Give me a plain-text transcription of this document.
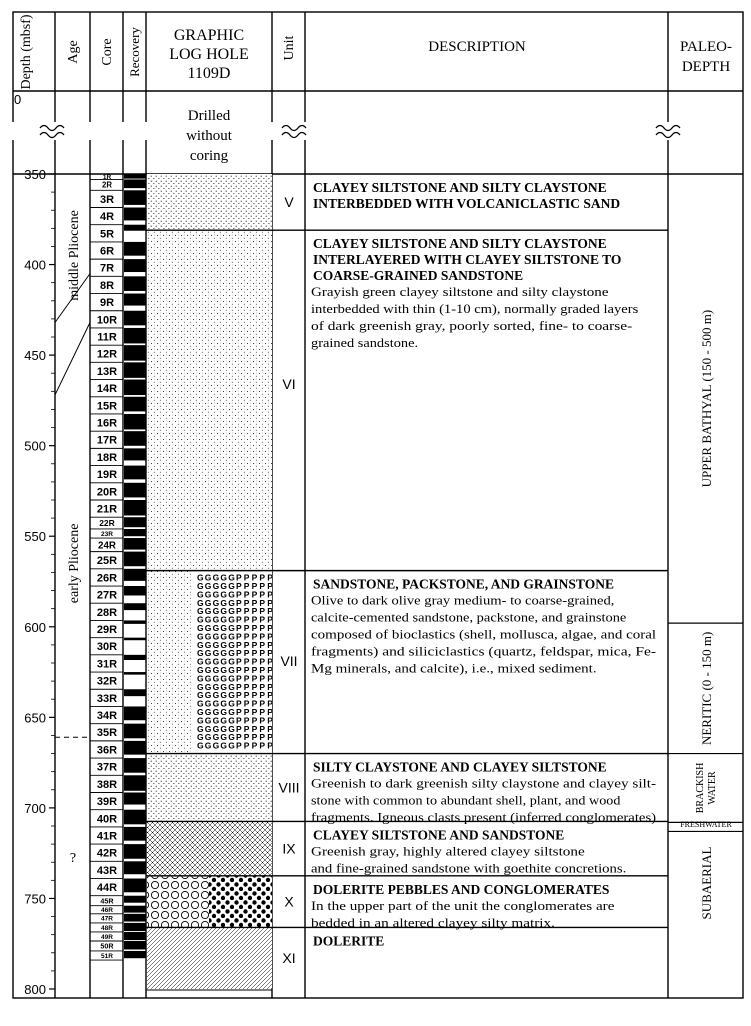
Depth (mbsf) Age Core Recovery GRAPHIC
LOG HOLE
1109D
Unit	DESCRIPTION	PALEO-
DEPTH
0
Drilled
without
coring
350
400
450
500
550
600
650
700
750
800
middle Pliocene
early Pliocene
?
1R
2R
3R
4R
5R
6R
7R
8R
9R
10R
11R
12R
13R
14R
15R
16R
17R
18R
19R
20R
21R
22R
23R
24R
25R
26R
27R
28R
29R
30R
31R
32R
33R
34R
35R
36R
37R
38R
39R
40R
41R
42R
43R
44R
45R
46R
47R
48R
49R
50R
51R
G G G G G P P P P P
G G G G G P P P P P
G G G G G P P P P P
G G G G G P P P P P
G G G G G P P P P P
G G G G G P P P P P
G G G G G P P P P P
G G G G G P P P P P
G G G G G P P P P P
G G G G G P P P P P
G G G G G P P P P P
G G G G G P P P P P
G G G G G P P P P P
G G G G G P P P P P
G G G G G P P P P P
G G G G G P P P P P
G G G G G P P P P P
G G G G G P P P P P
G G G G G P P P P P
G G G G G P P P P P
G G G G G P P P P P
V
VI
VII
VIII
IX
X
XI
CLAYEY SILTSTONE AND SILTY CLAYSTONE
INTERBEDDED WITH VOLCANICLASTIC SAND
CLAYEY SILTSTONE AND SILTY CLAYSTONE
INTERLAYERED WITH CLAYEY SILTSTONE TO
COARSE-GRAINED SANDSTONE
Grayish green clayey siltstone and silty claystone
interbedded with thin (1-10 cm), normally graded layers
of dark greenish gray, poorly sorted, fine- to coarse-
grained sandstone.
SANDSTONE, PACKSTONE, AND GRAINSTONE
Olive to dark olive gray medium- to coarse-grained,
calcite-cemented sandstone, packstone, and grainstone
composed of bioclastics (shell, mollusca, algae, and coral
fragments) and siliciclastics (quartz, feldspar, mica, Fe-
Mg minerals, and calcite), i.e., mixed sediment.
SILTY CLAYSTONE AND CLAYEY SILTSTONE
Greenish to dark greenish silty claystone and clayey silt-
stone with common to abundant shell, plant, and wood
fragments. Igneous clasts present (inferred conglomerates)
CLAYEY SILTSTONE AND SANDSTONE
Greenish gray, highly altered clayey siltstone
and fine-grained sandstone with goethite concretions.
DOLERITE PEBBLES AND CONGLOMERATES
In the upper part of the unit the conglomerates are
bedded in an altered clayey silty matrix.
DOLERITE
UPPER BATHYAL (150 - 500 m)
NERITIC (0 - 150 m)
BRACKISH WATER
FRESHWATER
SUBAERIAL
